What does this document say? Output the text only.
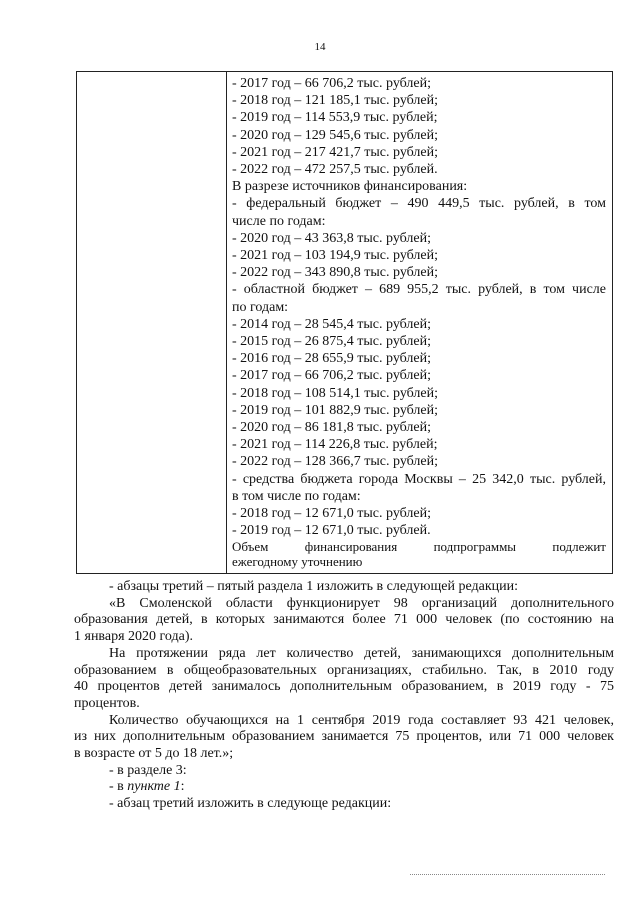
14

- 2017 год – 66 706,2 тыс. рублей;
- 2018 год – 121 185,1 тыс. рублей;
- 2019 год – 114 553,9 тыс. рублей;
- 2020 год – 129 545,6 тыс. рублей;
- 2021 год – 217 421,7 тыс. рублей;
- 2022 год – 472 257,5 тыс. рублей.
В разрезе источников финансирования:
- федеральный бюджет – 490 449,5 тыс. рублей, в том
числе по годам:
- 2020 год – 43 363,8 тыс. рублей;
- 2021 год – 103 194,9 тыс. рублей;
- 2022 год – 343 890,8 тыс. рублей;
- областной бюджет – 689 955,2 тыс. рублей, в том числе
по годам:
- 2014 год – 28 545,4 тыс. рублей;
- 2015 год – 26 875,4 тыс. рублей;
- 2016 год – 28 655,9 тыс. рублей;
- 2017 год – 66 706,2 тыс. рублей;
- 2018 год – 108 514,1 тыс. рублей;
- 2019 год – 101 882,9 тыс. рублей;
- 2020 год – 86 181,8 тыс. рублей;
- 2021 год – 114 226,8 тыс. рублей;
- 2022 год – 128 366,7 тыс. рублей;
- средства бюджета города Москвы – 25 342,0 тыс. рублей,
в том числе по годам:
- 2018 год – 12 671,0 тыс. рублей;
- 2019 год – 12 671,0 тыс. рублей.
Объем финансирования подпрограммы подлежит
ежегодному уточнению
- абзацы третий – пятый раздела 1 изложить в следующей редакции:
«В Смоленской области функционирует 98 организаций дополнительного
образования детей, в которых занимаются более 71 000 человек (по состоянию на
1 января 2020 года).
На протяжении ряда лет количество детей, занимающихся дополнительным
образованием в общеобразовательных организациях, стабильно. Так, в 2010 году
40 процентов детей занималось дополнительным образованием, в 2019 году - 75
процентов.
Количество обучающихся на 1 сентября 2019 года составляет 93 421 человек,
из них дополнительным образованием занимается 75 процентов, или 71 000 человек
в возрасте от 5 до 18 лет.»;
- в разделе 3:
- в пункте 1:
- абзац третий изложить в следующе редакции:
